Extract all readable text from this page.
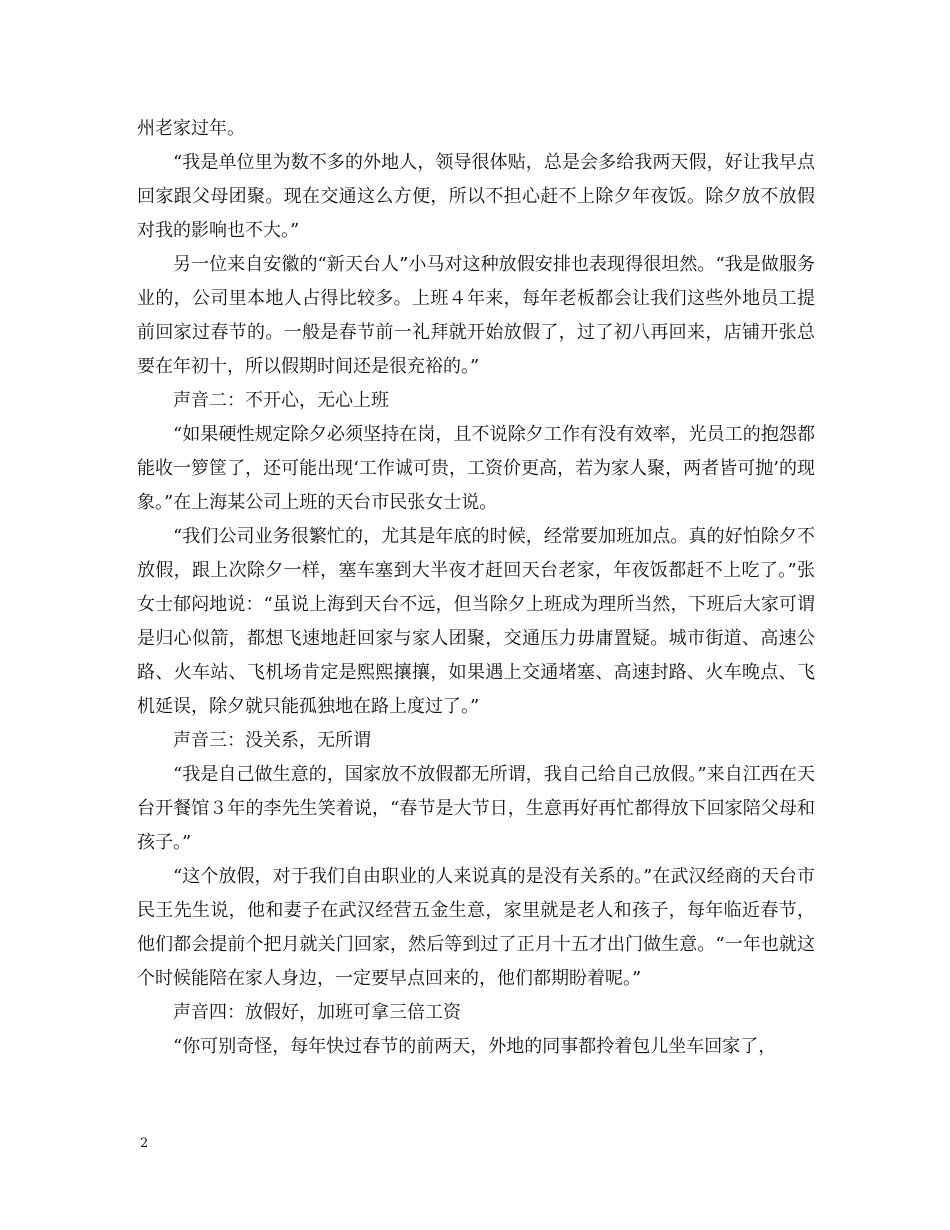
州老家过年。

“我是单位里为数不多的外地人，领导很体贴，总是会多给我两天假，好让我早点回家跟父母团聚。现在交通这么方便，所以不担心赶不上除夕年夜饭。除夕放不放假对我的影响也不大。”

另一位来自安徽的“新天台人”小马对这种放假安排也表现得很坦然。“我是做服务业的，公司里本地人占得比较多。上班４年来，每年老板都会让我们这些外地员工提前回家过春节的。一般是春节前一礼拜就开始放假了，过了初八再回来，店铺开张总要在年初十，所以假期时间还是很充裕的。”

声音二：不开心，无心上班

“如果硬性规定除夕必须坚持在岗，且不说除夕工作有没有效率，光员工的抱怨都能收一箩筐了，还可能出现‘工作诚可贵，工资价更高，若为家人聚，两者皆可抛’的现象。”在上海某公司上班的天台市民张女士说。

“我们公司业务很繁忙的，尤其是年底的时候，经常要加班加点。真的好怕除夕不放假，跟上次除夕一样，塞车塞到大半夜才赶回天台老家，年夜饭都赶不上吃了。”张女士郁闷地说：“虽说上海到天台不远，但当除夕上班成为理所当然，下班后大家可谓是归心似箭，都想飞速地赶回家与家人团聚，交通压力毋庸置疑。城市街道、高速公路、火车站、飞机场肯定是熙熙攘攘，如果遇上交通堵塞、高速封路、火车晚点、飞机延误，除夕就只能孤独地在路上度过了。”

声音三：没关系，无所谓

“我是自己做生意的，国家放不放假都无所谓，我自己给自己放假。”来自江西在天台开餐馆３年的李先生笑着说，“春节是大节日，生意再好再忙都得放下回家陪父母和孩子。”

“这个放假，对于我们自由职业的人来说真的是没有关系的。”在武汉经商的天台市民王先生说，他和妻子在武汉经营五金生意，家里就是老人和孩子，每年临近春节，他们都会提前个把月就关门回家，然后等到过了正月十五才出门做生意。“一年也就这个时候能陪在家人身边，一定要早点回来的，他们都期盼着呢。”

声音四：放假好，加班可拿三倍工资

“你可别奇怪，每年快过春节的前两天，外地的同事都拎着包儿坐车回家了，

2
